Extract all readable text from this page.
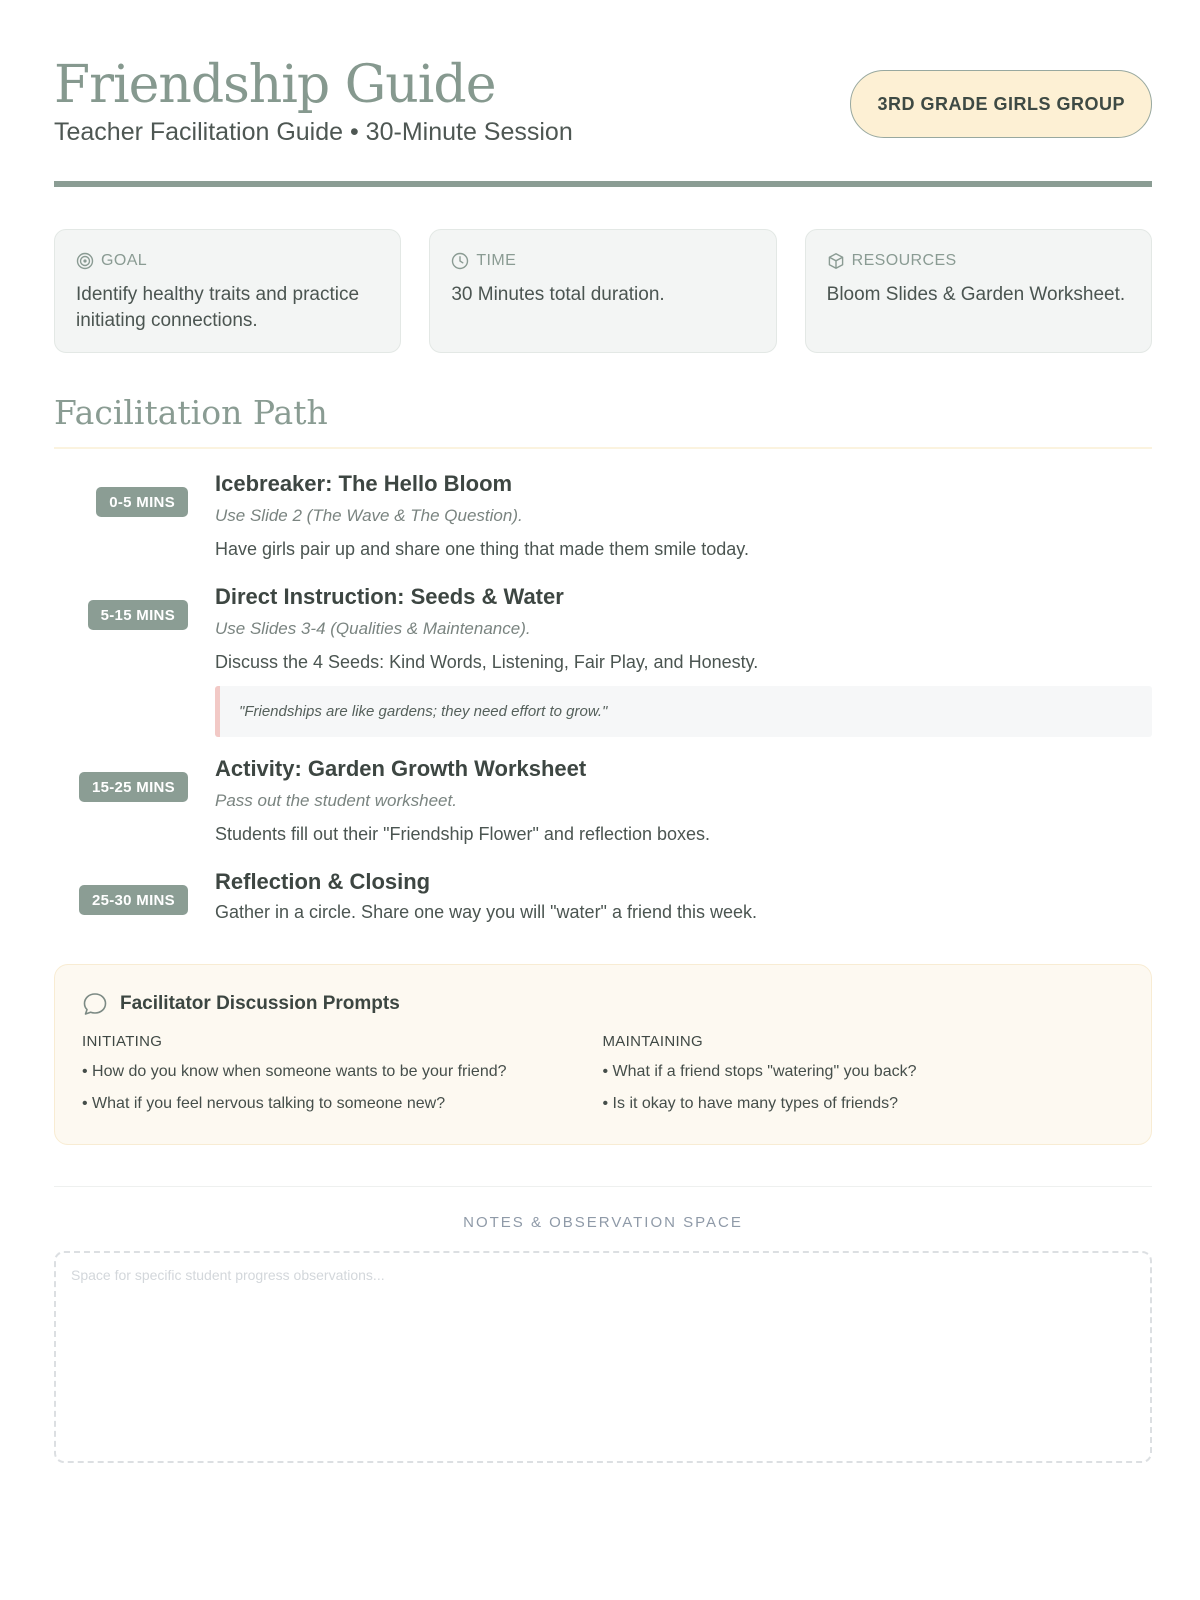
Friendship Guide
Teacher Facilitation Guide • 30-Minute Session
3RD GRADE GIRLS GROUP
GOAL
Identify healthy traits and practice initiating connections.
TIME
30 Minutes total duration.
RESOURCES
Bloom Slides & Garden Worksheet.
Facilitation Path
0-5 MINS
Icebreaker: The Hello Bloom
Use Slide 2 (The Wave & The Question).
Have girls pair up and share one thing that made them smile today.
5-15 MINS
Direct Instruction: Seeds & Water
Use Slides 3-4 (Qualities & Maintenance).
Discuss the 4 Seeds: Kind Words, Listening, Fair Play, and Honesty.
"Friendships are like gardens; they need effort to grow."
15-25 MINS
Activity: Garden Growth Worksheet
Pass out the student worksheet.
Students fill out their "Friendship Flower" and reflection boxes.
25-30 MINS
Reflection & Closing
Gather in a circle. Share one way you will "water" a friend this week.
Facilitator Discussion Prompts
INITIATING
• How do you know when someone wants to be your friend?
• What if you feel nervous talking to someone new?
MAINTAINING
• What if a friend stops "watering" you back?
• Is it okay to have many types of friends?
NOTES & OBSERVATION SPACE
Space for specific student progress observations...
